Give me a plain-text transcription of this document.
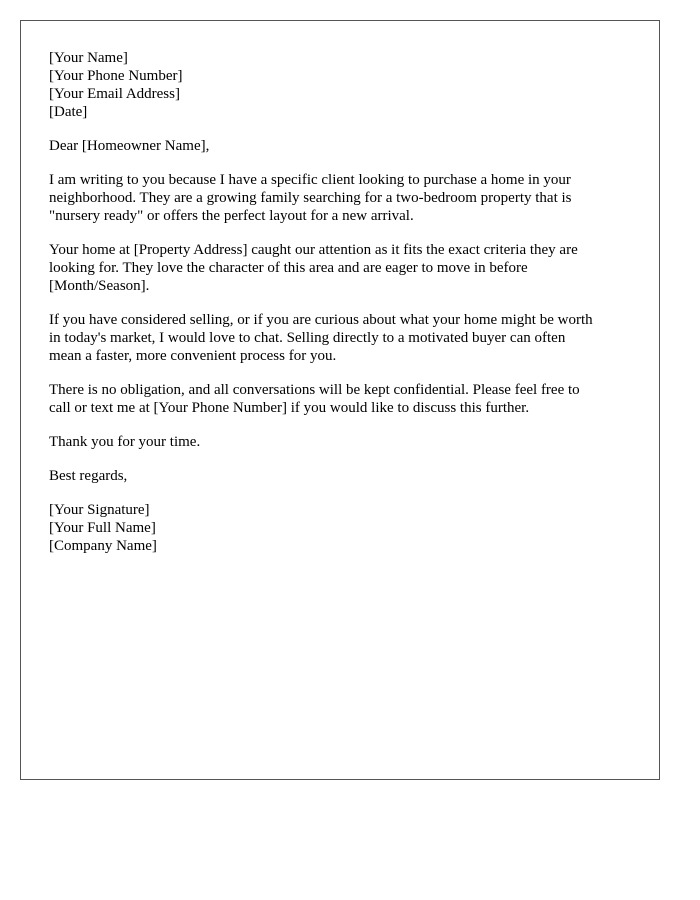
[Your Name]
[Your Phone Number]
[Your Email Address]
[Date]
Dear [Homeowner Name],
I am writing to you because I have a specific client looking to purchase a home in your
neighborhood. They are a growing family searching for a two-bedroom property that is
"nursery ready" or offers the perfect layout for a new arrival.
Your home at [Property Address] caught our attention as it fits the exact criteria they are
looking for. They love the character of this area and are eager to move in before
[Month/Season].
If you have considered selling, or if you are curious about what your home might be worth
in today's market, I would love to chat. Selling directly to a motivated buyer can often
mean a faster, more convenient process for you.
There is no obligation, and all conversations will be kept confidential. Please feel free to
call or text me at [Your Phone Number] if you would like to discuss this further.
Thank you for your time.
Best regards,
[Your Signature]
[Your Full Name]
[Company Name]
